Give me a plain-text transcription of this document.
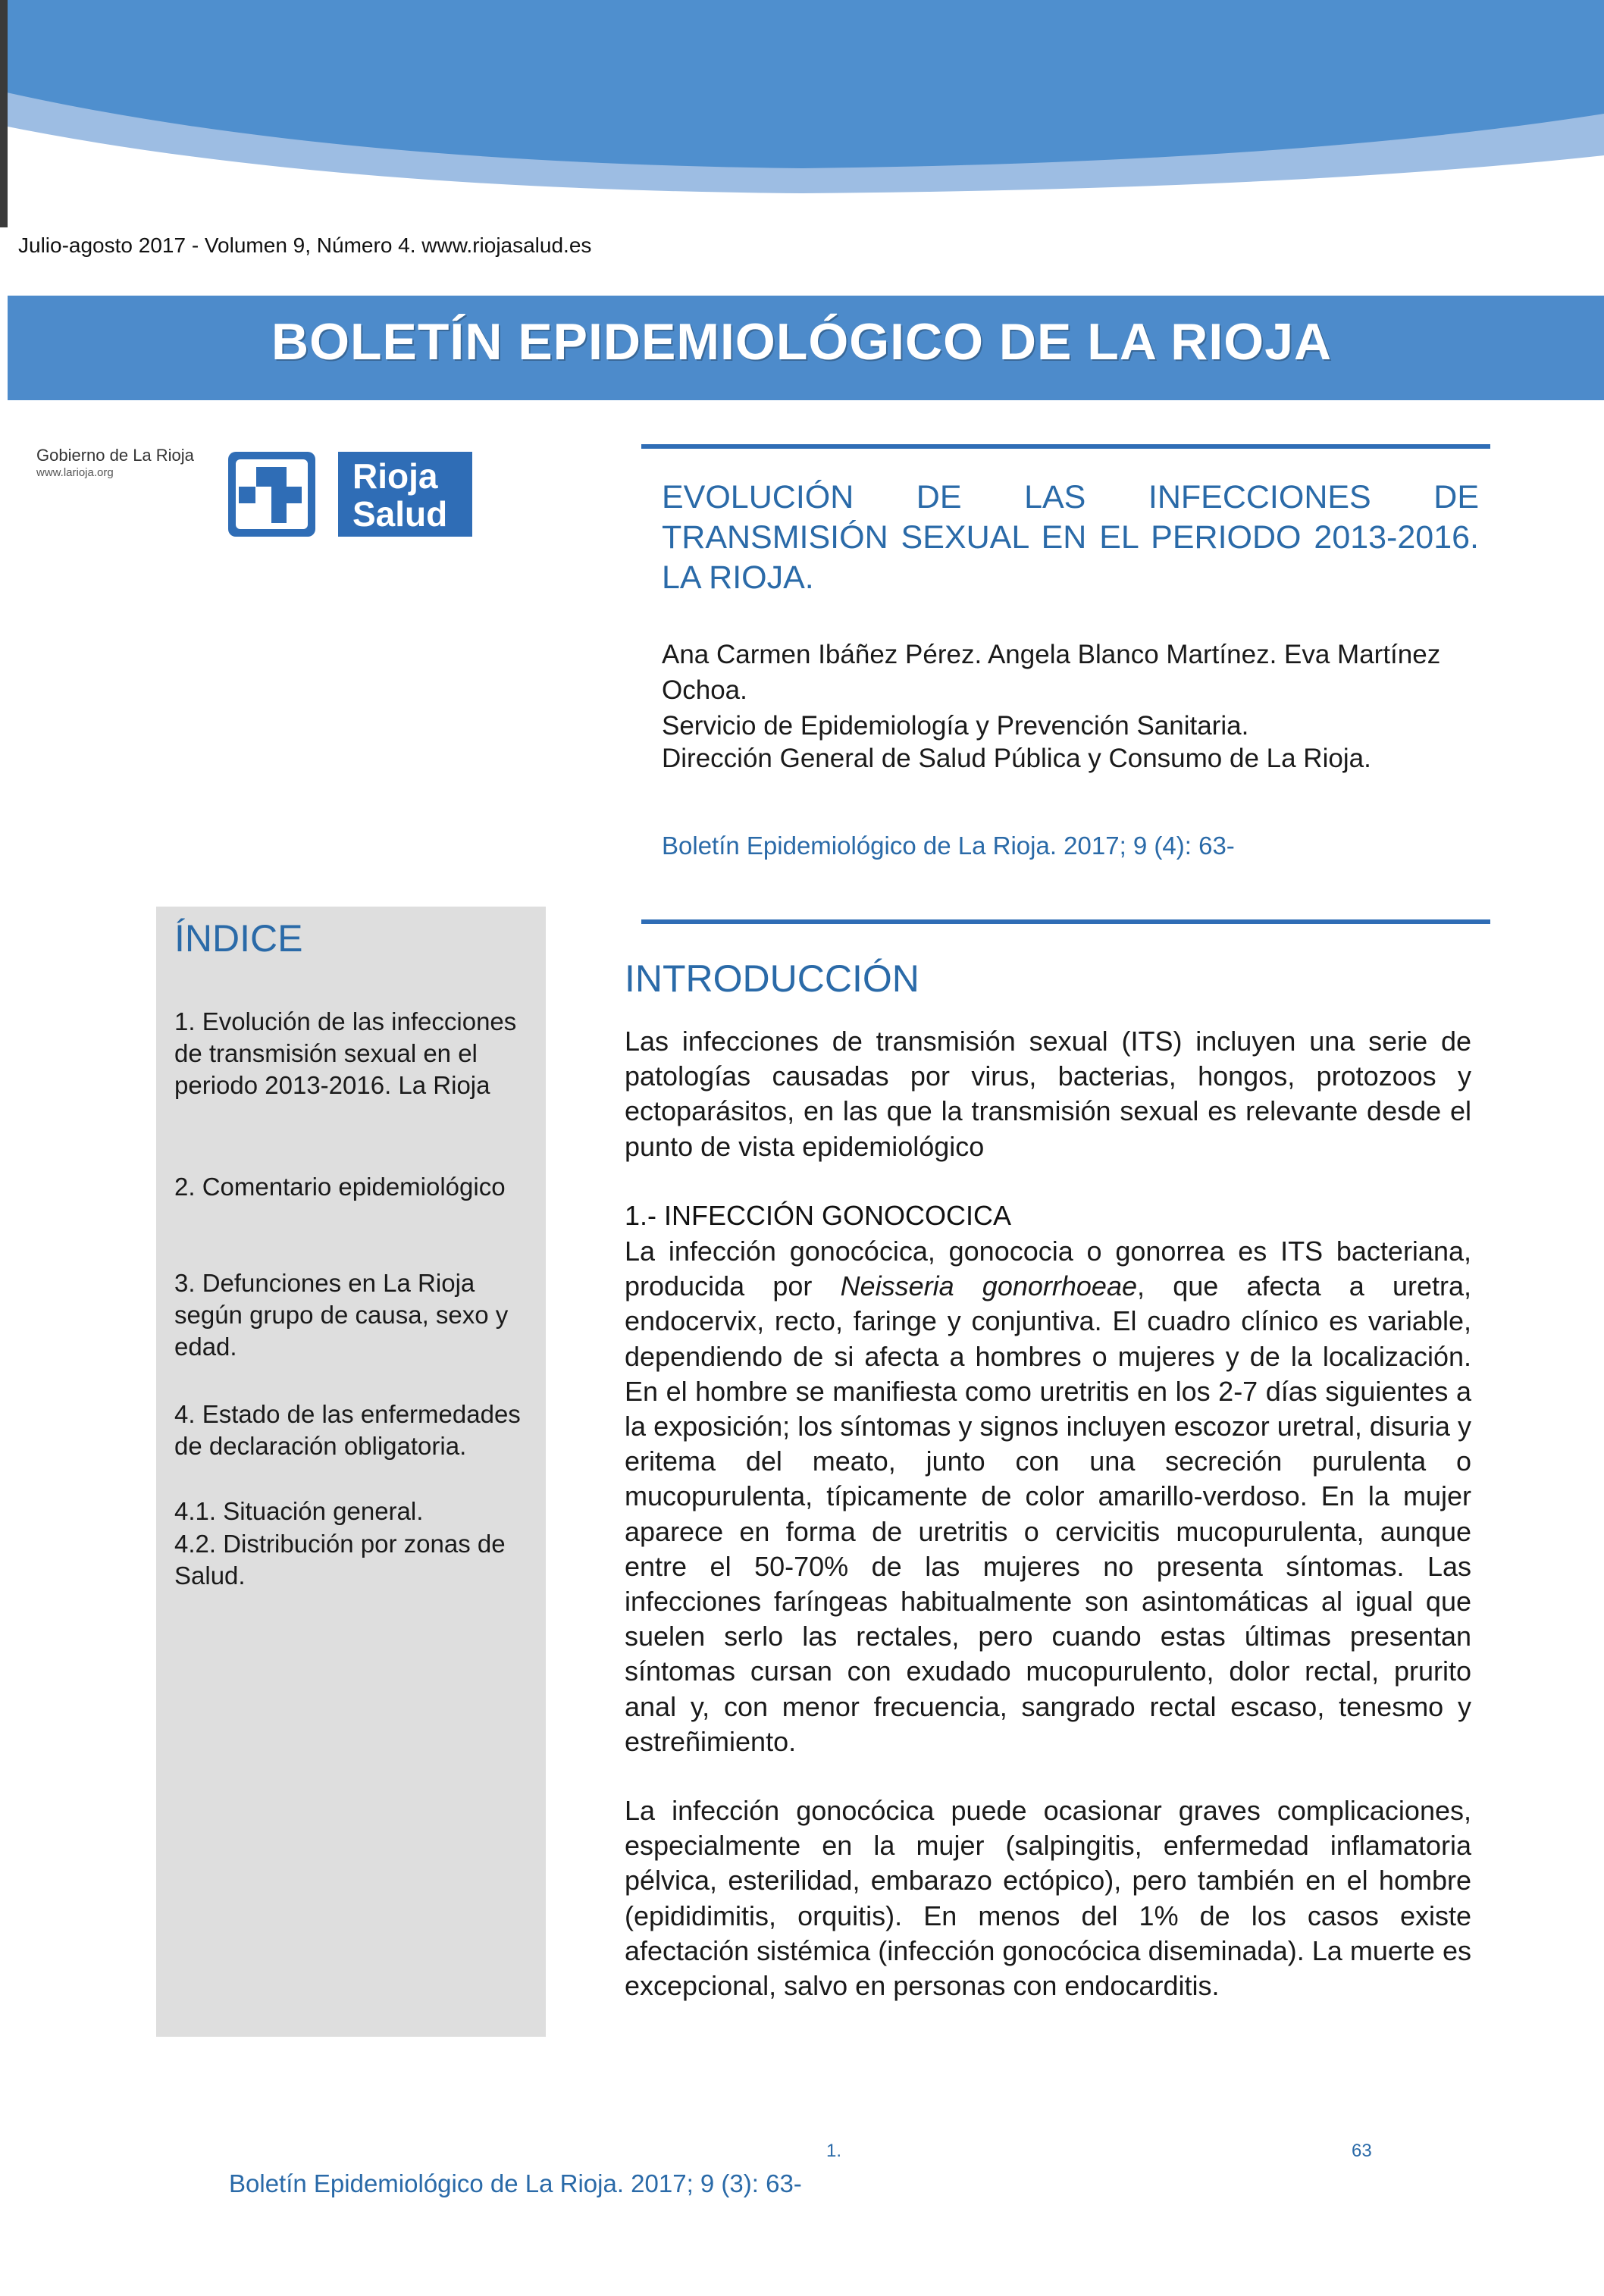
Julio-agosto 2017 - Volumen 9, Número 4. www.riojasalud.es
BOLETÍN EPIDEMIOLÓGICO DE LA RIOJA
Gobierno de La Rioja
www.larioja.org	Rioja
Salud	EVOLUCIÓN DE LAS INFECCIONES DE TRANSMISIÓN SEXUAL EN EL PERIODO 2013-2016. LA RIOJA.
Ana Carmen Ibáñez Pérez. Angela Blanco Martínez. Eva Martínez Ochoa.
Servicio de Epidemiología y Prevención Sanitaria.
Dirección General de Salud Pública y Consumo de La Rioja.
Boletín Epidemiológico de La Rioja. 2017; 9 (4): 63-
ÍNDICE
1. Evolución de las infecciones de transmisión sexual en el periodo 2013-2016. La Rioja
2. Comentario epidemiológico
3. Defunciones en La Rioja según grupo de causa, sexo y edad.
4. Estado de las enfermedades de declaración obligatoria.
4.1. Situación general.
4.2. Distribución por zonas de Salud.
INTRODUCCIÓN
Las infecciones de transmisión sexual (ITS) incluyen una serie de patologías causadas por virus, bacterias, hongos, protozoos y ectoparásitos, en las que la transmisión sexual es relevante desde el punto de vista epidemiológico
1.- INFECCIÓN GONOCOCICA
La infección gonocócica, gonococia o gonorrea es ITS bacteriana, producida por Neisseria gonorrhoeae, que afecta a uretra, endocervix, recto, faringe y conjuntiva. El cuadro clínico es variable, dependiendo de si afecta a hombres o mujeres y de la localización. En el hombre se manifiesta como uretritis en los 2-7 días siguientes a la exposición; los síntomas y signos incluyen escozor uretral, disuria y eritema del meato, junto con una secreción purulenta o mucopurulenta, típicamente de color amarillo-verdoso. En la mujer aparece en forma de uretritis o cervicitis mucopurulenta, aunque entre el 50-70% de las mujeres no presenta síntomas. Las infecciones faríngeas habitualmente son asintomáticas al igual que suelen serlo las rectales, pero cuando estas últimas presentan síntomas cursan con exudado mucopurulento, dolor rectal, prurito anal y, con menor frecuencia, sangrado rectal escaso, tenesmo y estreñimiento.
La infección gonocócica puede ocasionar graves complicaciones, especialmente en la mujer (salpingitis, enfermedad inflamatoria pélvica, esterilidad, embarazo ectópico), pero también en el hombre (epididimitis, orquitis). En menos del 1% de los casos existe afectación sistémica (infección gonocócica diseminada). La muerte es excepcional, salvo en personas con endocarditis.
1.	63
Boletín Epidemiológico de La Rioja. 2017; 9 (3): 63-
